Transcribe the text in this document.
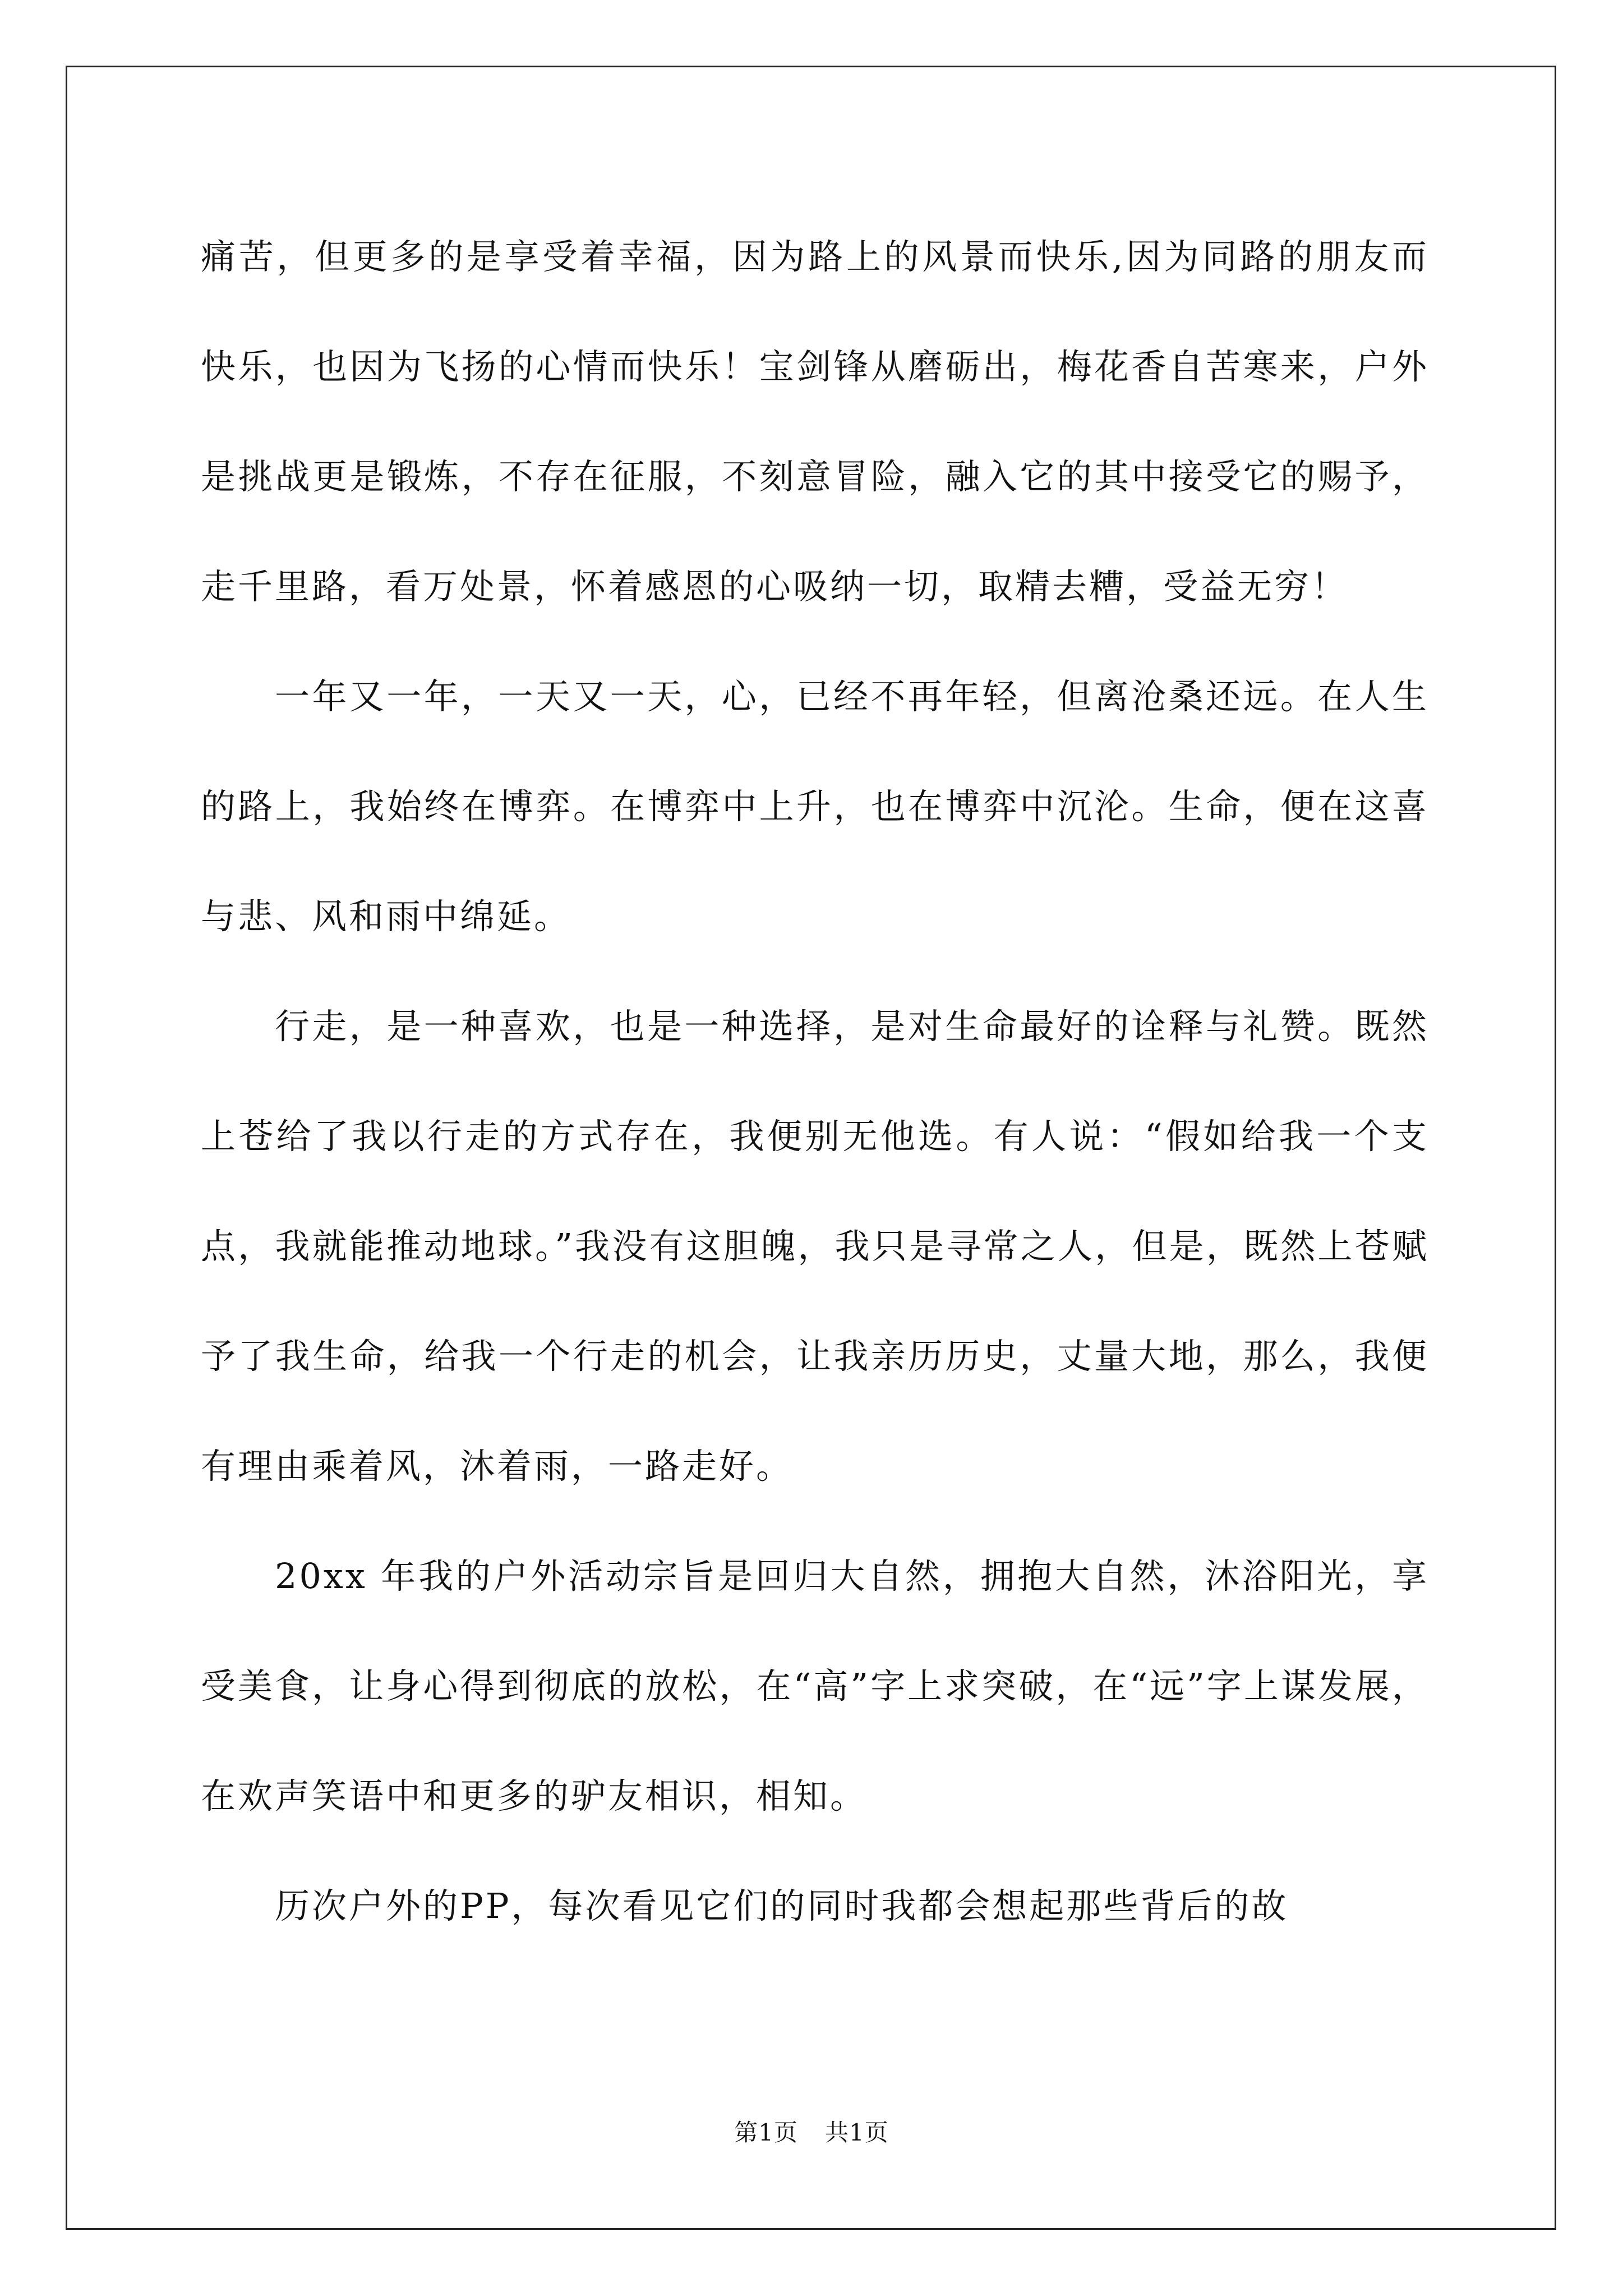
痛苦，但更多的是享受着幸福，因为路上的风景而快乐,因为同路的朋友而快乐，也因为飞扬的心情而快乐！宝剑锋从磨砺出，梅花香自苦寒来，户外是挑战更是锻炼，不存在征服，不刻意冒险，融入它的其中接受它的赐予，走千里路，看万处景，怀着感恩的心吸纳一切，取精去糟，受益无穷！

一年又一年，一天又一天，心，已经不再年轻，但离沧桑还远。在人生的路上，我始终在博弈。在博弈中上升，也在博弈中沉沦。生命，便在这喜与悲、风和雨中绵延。

行走，是一种喜欢，也是一种选择，是对生命最好的诠释与礼赞。既然上苍给了我以行走的方式存在，我便别无他选。有人说：“假如给我一个支点，我就能推动地球。”我没有这胆魄，我只是寻常之人，但是，既然上苍赋予了我生命，给我一个行走的机会，让我亲历历史，丈量大地，那么，我便有理由乘着风，沐着雨，一路走好。

20xx 年我的户外活动宗旨是回归大自然，拥抱大自然，沐浴阳光，享受美食，让身心得到彻底的放松，在“高”字上求突破，在“远”字上谋发展，在欢声笑语中和更多的驴友相识，相知。

历次户外的PP，每次看见它们的同时我都会想起那些背后的故

第1页 共1页
